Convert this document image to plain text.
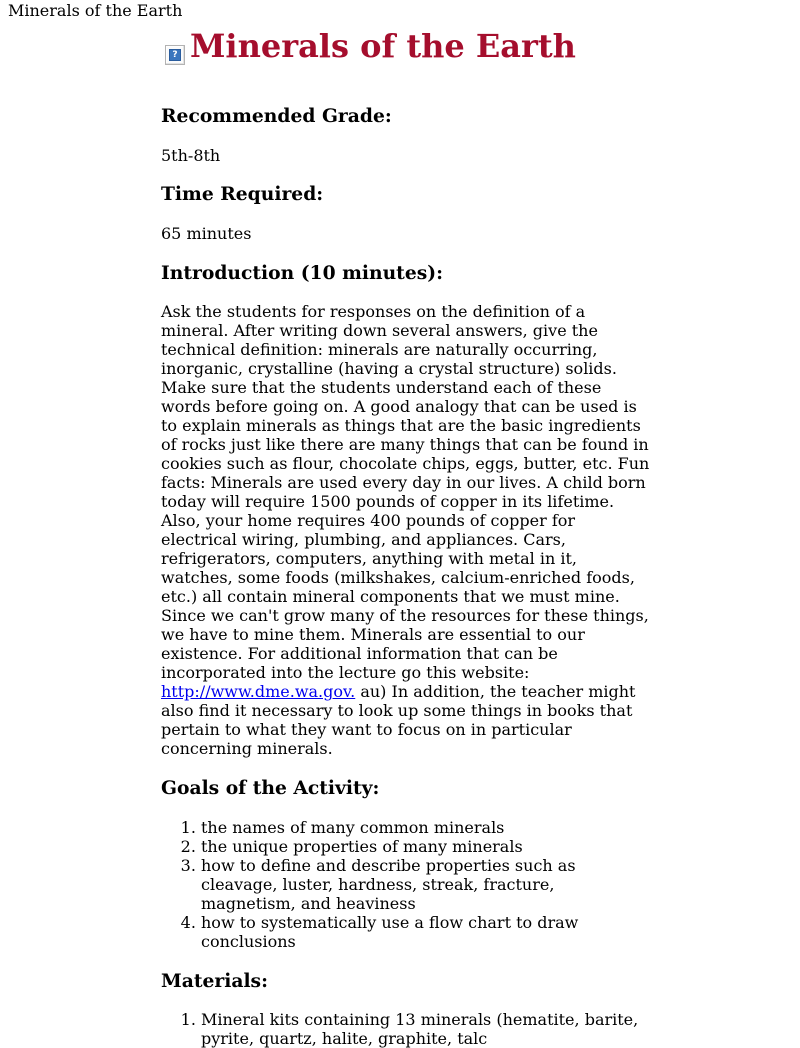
Minerals of the Earth

? Minerals of the Earth
Recommended Grade:

5th-8th

Time Required:

65 minutes

Introduction (10 minutes):

Ask the students for responses on the definition of a mineral. After writing down several answers, give the technical definition: minerals are naturally occurring, inorganic, crystalline (having a crystal structure) solids. Make sure that the students understand each of these words before going on. A good analogy that can be used is to explain minerals as things that are the basic ingredients of rocks just like there are many things that can be found in cookies such as flour, chocolate chips, eggs, butter, etc. Fun facts: Minerals are used every day in our lives. A child born today will require 1500 pounds of copper in its lifetime. Also, your home requires 400 pounds of copper for electrical wiring, plumbing, and appliances. Cars, refrigerators, computers, anything with metal in it, watches, some foods (milkshakes, calcium-enriched foods, etc.) all contain mineral components that we must mine. Since we can't grow many of the resources for these things, we have to mine them. Minerals are essential to our existence. For additional information that can be incorporated into the lecture go this website: http://www.dme.wa.gov. au) In addition, the teacher might also find it necessary to look up some things in books that pertain to what they want to focus on in particular concerning minerals.

Goals of the Activity:
1. the names of many common minerals
2. the unique properties of many minerals
3. how to define and describe properties such as cleavage, luster, hardness, streak, fracture, magnetism, and heaviness
4. how to systematically use a flow chart to draw conclusions
Materials:
1. Mineral kits containing 13 minerals (hematite, barite, pyrite, quartz, halite, graphite, talc
